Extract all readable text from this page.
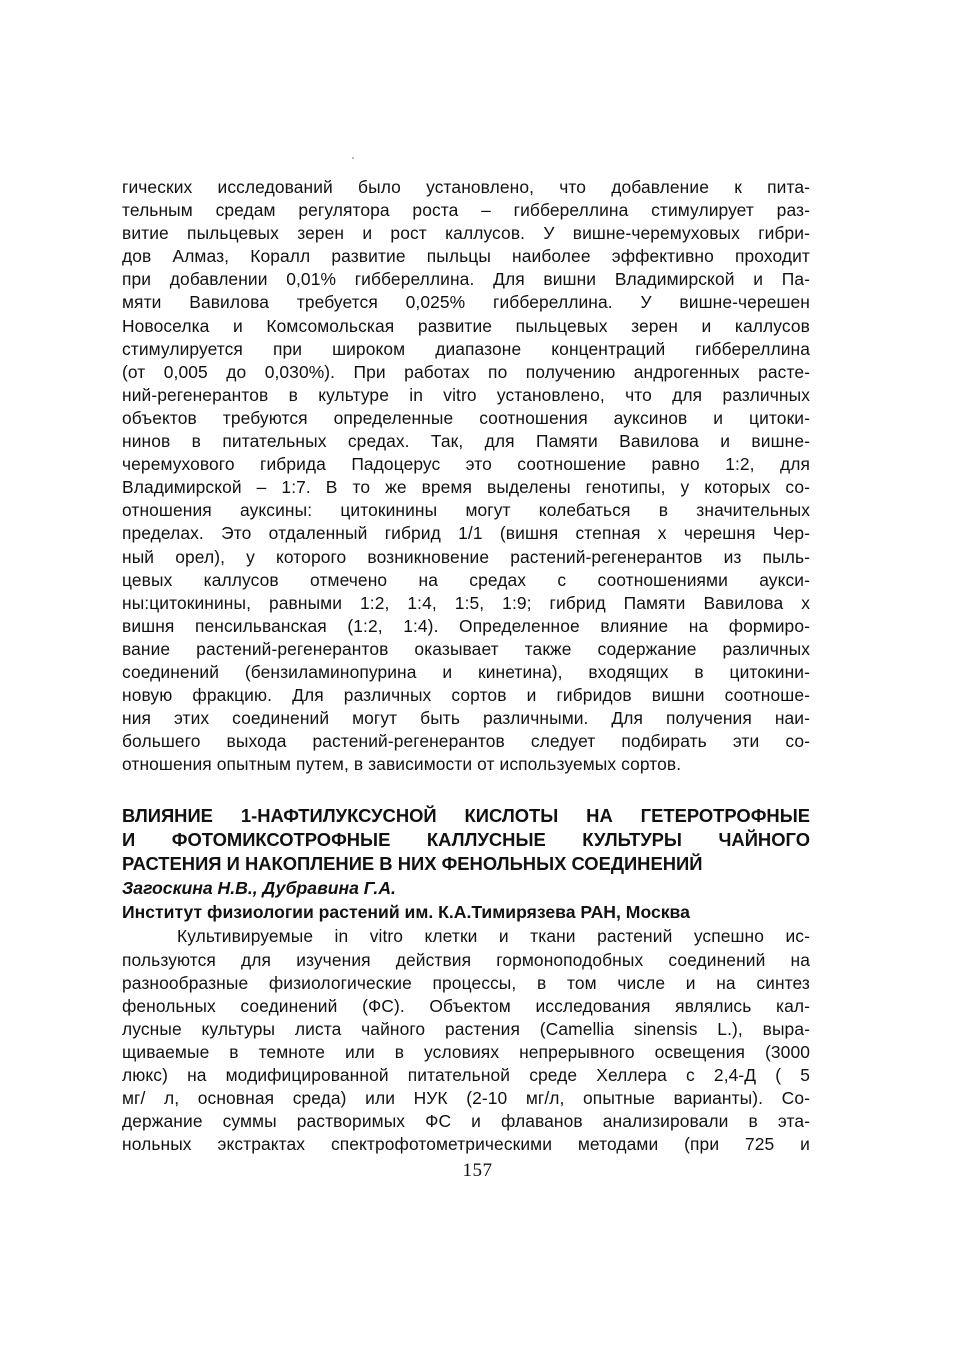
гических исследований было установлено, что добавление к пита-
тельным средам регулятора роста – гиббереллина стимулирует раз-
витие пыльцевых зерен и рост каллусов. У вишне-черемуховых гибри-
дов Алмаз, Коралл развитие пыльцы наиболее эффективно проходит
при добавлении 0,01% гиббереллина. Для вишни Владимирской и Па-
мяти Вавилова требуется 0,025% гиббереллина. У вишне-черешен
Новоселка и Комсомольская развитие пыльцевых зерен и каллусов
стимулируется при широком диапазоне концентраций гиббереллина
(от 0,005 до 0,030%). При работах по получению андрогенных расте-
ний-регенерантов в культуре in vitro установлено, что для различных
объектов требуются определенные соотношения ауксинов и цитоки-
нинов в питательных средах. Так, для Памяти Вавилова и вишне-
черемухового гибрида Падоцерус это соотношение равно 1:2, для
Владимирской – 1:7. В то же время выделены генотипы, у которых со-
отношения ауксины: цитокинины могут колебаться в значительных
пределах. Это отдаленный гибрид 1/1 (вишня степная х черешня Чер-
ный орел), у которого возникновение растений-регенерантов из пыль-
цевых каллусов отмечено на средах с соотношениями аукси-
ны:цитокинины, равными 1:2, 1:4, 1:5, 1:9; гибрид Памяти Вавилова х
вишня пенсильванская (1:2, 1:4). Определенное влияние на формиро-
вание растений-регенерантов оказывает также содержание различных
соединений (бензиламинопурина и кинетина), входящих в цитокини-
новую фракцию. Для различных сортов и гибридов вишни соотноше-
ния этих соединений могут быть различными. Для получения наи-
большего выхода растений-регенерантов следует подбирать эти со-
отношения опытным путем, в зависимости от используемых сортов.
ВЛИЯНИЕ 1-НАФТИЛУКСУСНОЙ КИСЛОТЫ НА ГЕТЕРОТРОФНЫЕ
И ФОТОМИКСОТРОФНЫЕ КАЛЛУСНЫЕ КУЛЬТУРЫ ЧАЙНОГО
РАСТЕНИЯ И НАКОПЛЕНИЕ В НИХ ФЕНОЛЬНЫХ СОЕДИНЕНИЙ
Загоскина Н.В., Дубравина Г.А.
Институт физиологии растений им. К.А.Тимирязева РАН, Москва
Культивируемые in vitro клетки и ткани растений успешно ис-
пользуются для изучения действия гормоноподобных соединений на
разнообразные физиологические процессы, в том числе и на синтез
фенольных соединений (ФС). Объектом исследования являлись кал-
лусные культуры листа чайного растения (Camellia sinensis L.), выра-
щиваемые в темноте или в условиях непрерывного освещения (3000
люкс) на модифицированной питательной среде Хеллера с 2,4-Д ( 5
мг/ л, основная среда) или НУК (2-10 мг/л, опытные варианты). Со-
держание суммы растворимых ФС и флаванов анализировали в эта-
нольных экстрактах спектрофотометрическими методами (при 725 и
157
